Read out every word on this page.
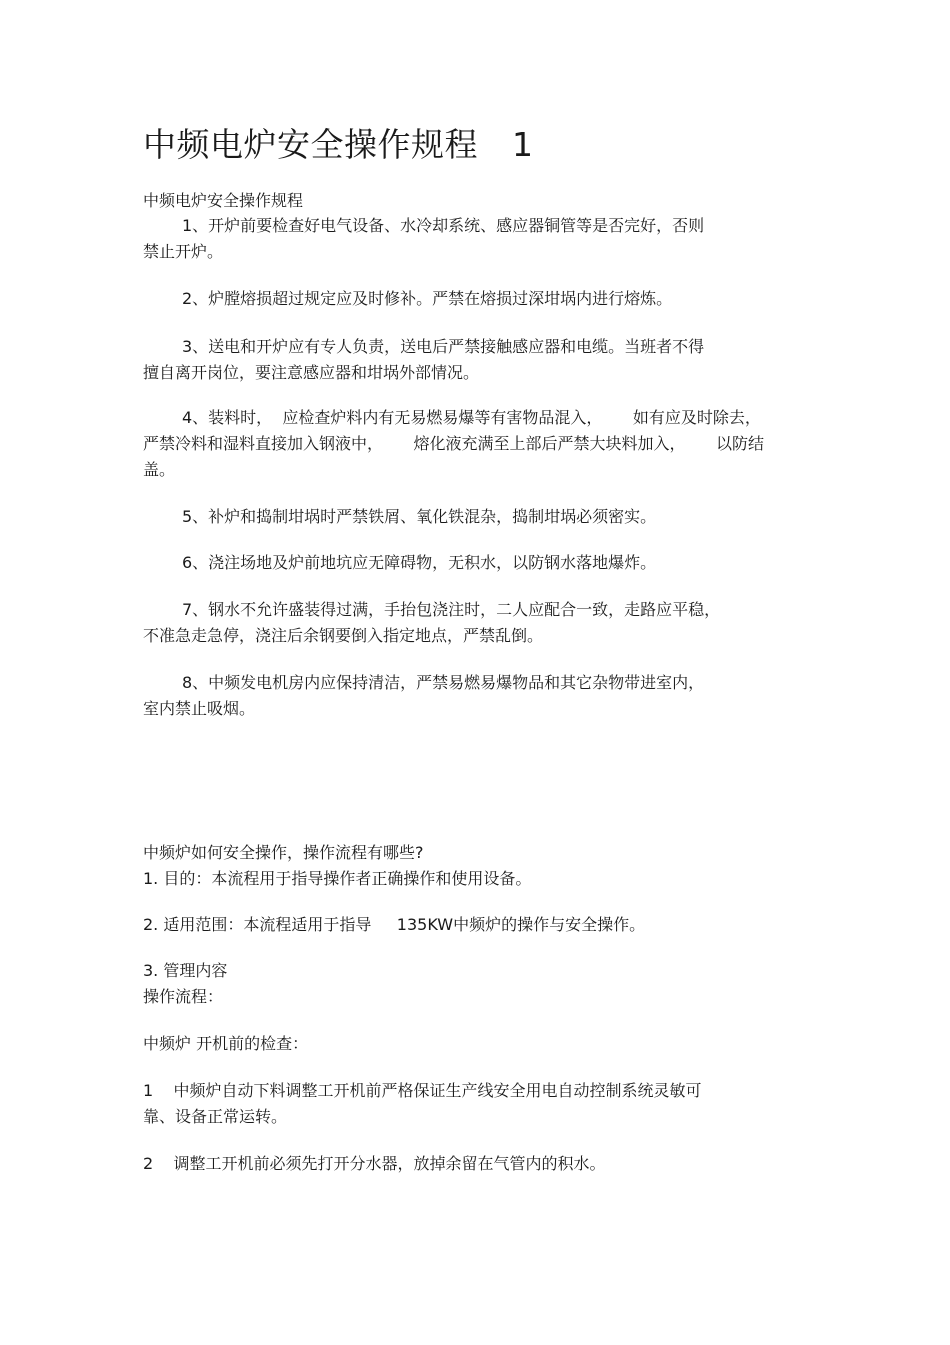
中频电炉安全操作规程 1

中频电炉安全操作规程

1、开炉前要检查好电气设备、水冷却系统、感应器铜管等是否完好，否则

禁止开炉。

2、炉膛熔损超过规定应及时修补。严禁在熔损过深坩埚内进行熔炼。

3、送电和开炉应有专人负责，送电后严禁接触感应器和电缆。当班者不得

擅自离开岗位，要注意感应器和坩埚外部情况。

4、装料时，  应检查炉料内有无易燃易爆等有害物品混入，      如有应及时除去，

严禁冷料和湿料直接加入钢液中，      熔化液充满至上部后严禁大块料加入，      以防结

盖。

5、补炉和捣制坩埚时严禁铁屑、氧化铁混杂，捣制坩埚必须密实。

6、浇注场地及炉前地坑应无障碍物，无积水，以防钢水落地爆炸。

7、钢水不允许盛装得过满，手抬包浇注时，二人应配合一致，走路应平稳，

不准急走急停，浇注后余钢要倒入指定地点，严禁乱倒。

8、中频发电机房内应保持清洁，严禁易燃易爆物品和其它杂物带进室内，

室内禁止吸烟。

中频炉如何安全操作，操作流程有哪些?

1. 目的：本流程用于指导操作者正确操作和使用设备。

2. 适用范围：本流程适用于指导     135KW中频炉的操作与安全操作。

3. 管理内容

操作流程：

中频炉 开机前的检查：

1    中频炉自动下料调整工开机前严格保证生产线安全用电自动控制系统灵敏可

靠、设备正常运转。

2    调整工开机前必须先打开分水器，放掉余留在气管内的积水。
